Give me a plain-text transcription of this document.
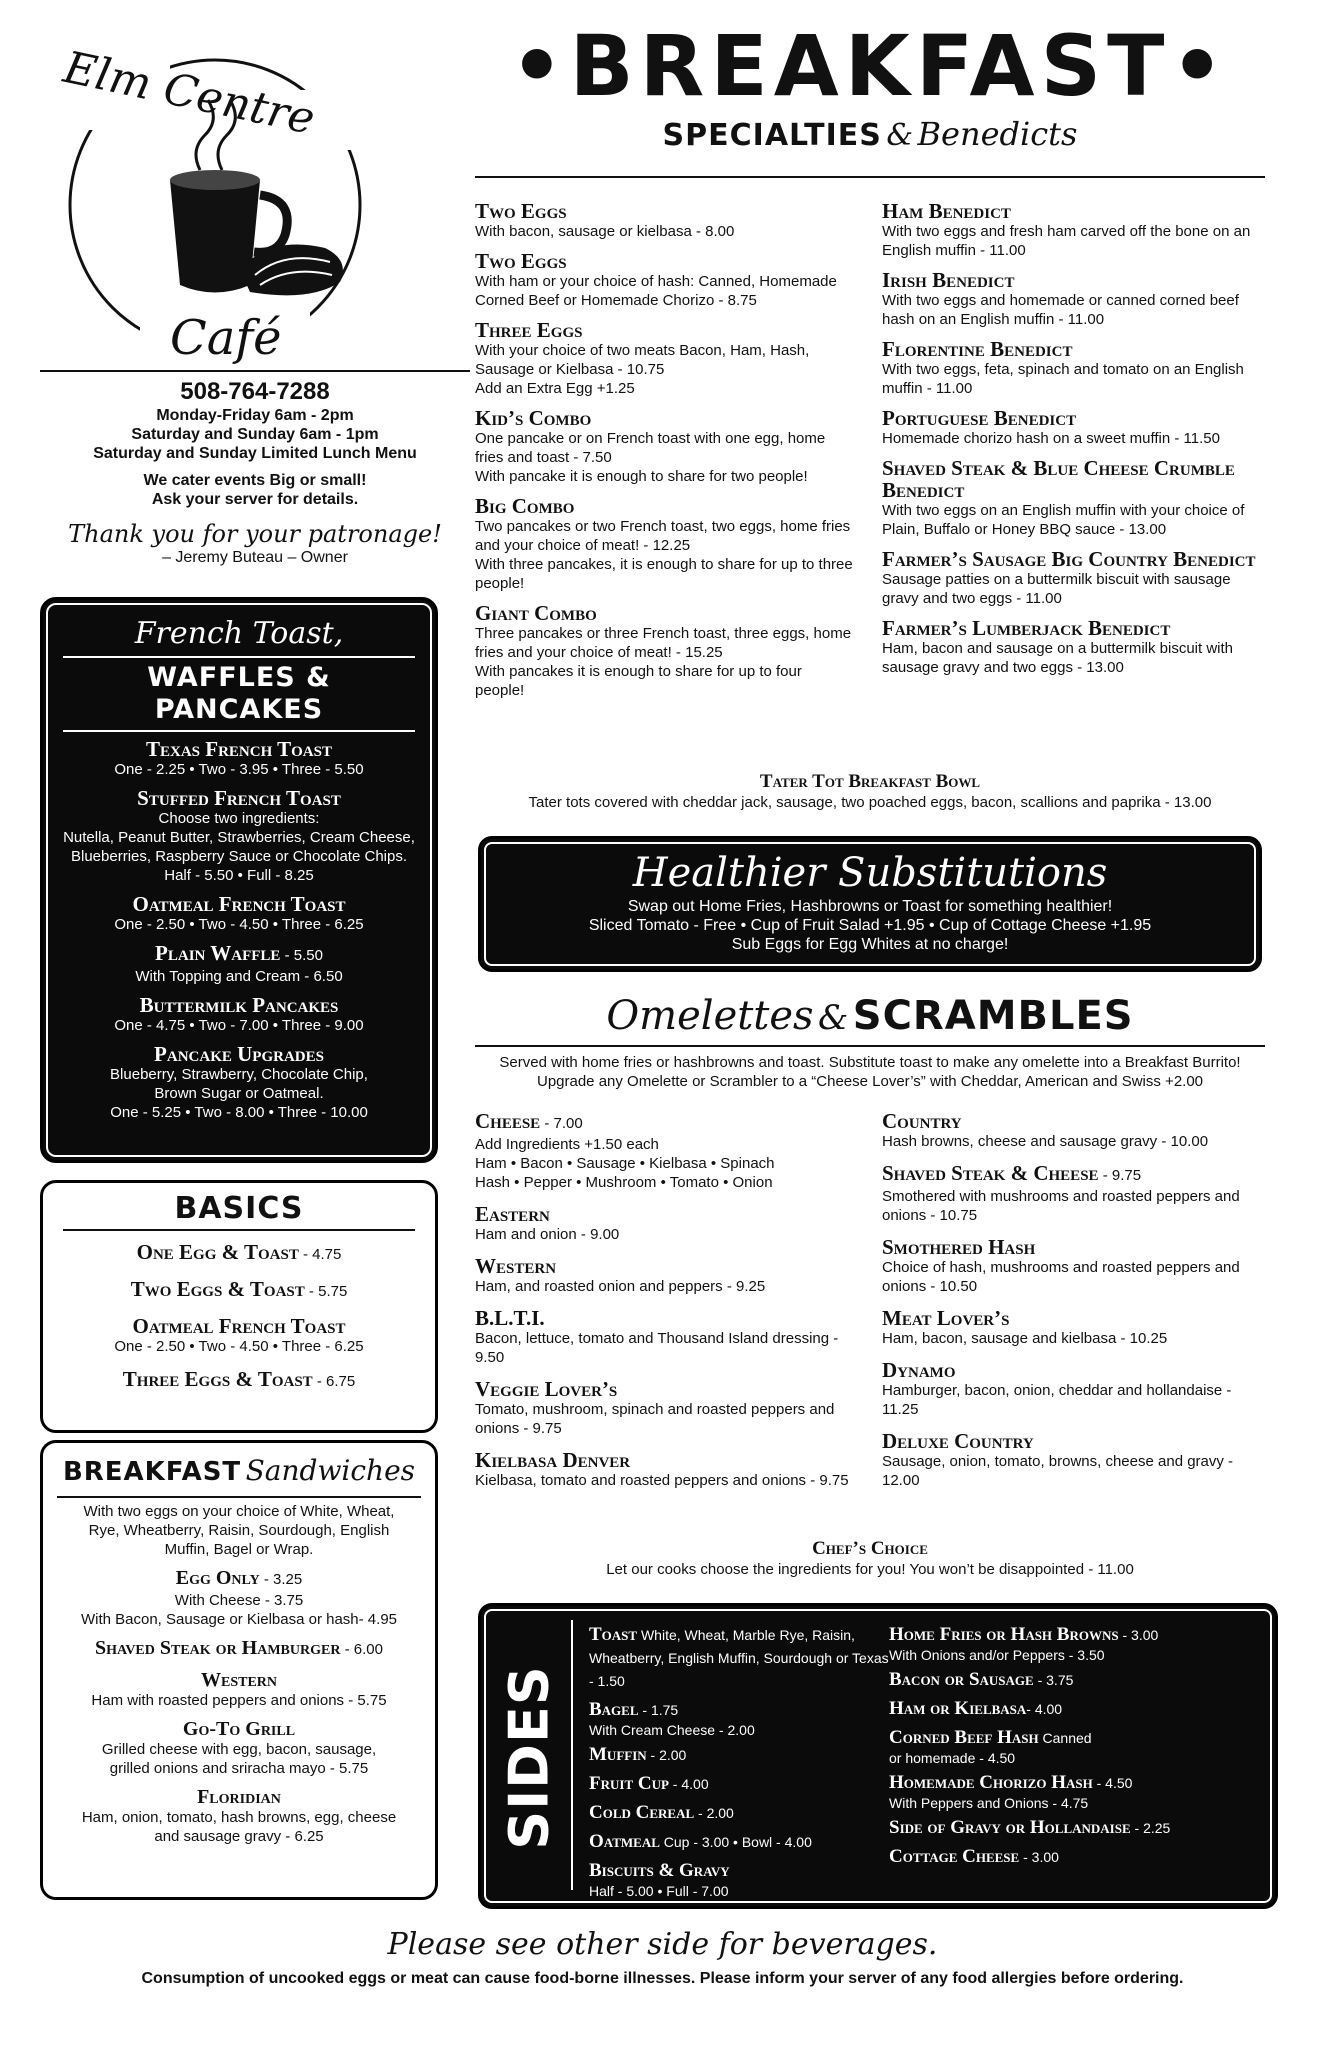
Elm Centre
Café
508-764-7288
Monday-Friday 6am - 2pm
Saturday and Sunday 6am - 1pm
Saturday and Sunday Limited Lunch Menu
We cater events Big or small!
Ask your server for details.
Thank you for your patronage!
– Jeremy Buteau – Owner
•BREAKFAST•
SPECIALTIES & Benedicts
Two Eggs
With bacon, sausage or kielbasa - 8.00
Two Eggs
With ham or your choice of hash: Canned, Homemade Corned Beef or Homemade Chorizo - 8.75
Three Eggs
With your choice of two meats Bacon, Ham, Hash, Sausage or Kielbasa - 10.75
Add an Extra Egg +1.25
Kid’s Combo
One pancake or on French toast with one egg, home fries and toast - 7.50
With pancake it is enough to share for two people!
Big Combo
Two pancakes or two French toast, two eggs, home fries and your choice of meat! - 12.25
With three pancakes, it is enough to share for up to three people!
Giant Combo
Three pancakes or three French toast, three eggs, home fries and your choice of meat! - 15.25
With pancakes it is enough to share for up to four people!
Ham Benedict
With two eggs and fresh ham carved off the bone on an English muffin - 11.00
Irish Benedict
With two eggs and homemade or canned corned beef hash on an English muffin - 11.00
Florentine Benedict
With two eggs, feta, spinach and tomato on an English muffin - 11.00
Portuguese Benedict
Homemade chorizo hash on a sweet muffin - 11.50
Shaved Steak & Blue Cheese Crumble Benedict
With two eggs on an English muffin with your choice of Plain, Buffalo or Honey BBQ sauce - 13.00
Farmer’s Sausage Big Country Benedict
Sausage patties on a buttermilk biscuit with sausage gravy and two eggs - 11.00
Farmer’s Lumberjack Benedict
Ham, bacon and sausage on a buttermilk biscuit with sausage gravy and two eggs - 13.00
Tater Tot Breakfast Bowl
Tater tots covered with cheddar jack, sausage, two poached eggs, bacon, scallions and paprika - 13.00
Healthier Substitutions
Swap out Home Fries, Hashbrowns or Toast for something healthier!
Sliced Tomato - Free • Cup of Fruit Salad +1.95 • Cup of Cottage Cheese +1.95
Sub Eggs for Egg Whites at no charge!
Omelettes & SCRAMBLES
Served with home fries or hashbrowns and toast. Substitute toast to make any omelette into a Breakfast Burrito!
Upgrade any Omelette or Scrambler to a “Cheese Lover’s” with Cheddar, American and Swiss +2.00
Cheese - 7.00
Add Ingredients +1.50 each
Ham • Bacon • Sausage • Kielbasa • Spinach
Hash • Pepper • Mushroom • Tomato • Onion
Eastern
Ham and onion - 9.00
Western
Ham, and roasted onion and peppers - 9.25
B.L.T.I.
Bacon, lettuce, tomato and Thousand Island dressing - 9.50
Veggie Lover’s
Tomato, mushroom, spinach and roasted peppers and onions - 9.75
Kielbasa Denver
Kielbasa, tomato and roasted peppers and onions - 9.75
Country
Hash browns, cheese and sausage gravy - 10.00
Shaved Steak & Cheese - 9.75
Smothered with mushrooms and roasted peppers and onions - 10.75
Smothered Hash
Choice of hash, mushrooms and roasted peppers and onions - 10.50
Meat Lover’s
Ham, bacon, sausage and kielbasa - 10.25
Dynamo
Hamburger, bacon, onion, cheddar and hollandaise - 11.25
Deluxe Country
Sausage, onion, tomato, browns, cheese and gravy - 12.00
Chef’s Choice
Let our cooks choose the ingredients for you! You won’t be disappointed - 11.00
SIDES
Toast White, Wheat, Marble Rye, Raisin, Wheatberry, English Muffin, Sourdough or Texas - 1.50
Bagel - 1.75
With Cream Cheese - 2.00
Muffin - 2.00
Fruit Cup - 4.00
Cold Cereal - 2.00
Oatmeal Cup - 3.00 • Bowl - 4.00
Biscuits & Gravy
Half - 5.00 • Full - 7.00
Home Fries or Hash Browns - 3.00
With Onions and/or Peppers - 3.50
Bacon or Sausage - 3.75
Ham or Kielbasa- 4.00
Corned Beef Hash Canned
or homemade - 4.50
Homemade Chorizo Hash - 4.50
With Peppers and Onions - 4.75
Side of Gravy or Hollandaise - 2.25
Cottage Cheese - 3.00
French Toast,
WAFFLES & PANCAKES
Texas French Toast
One - 2.25 • Two - 3.95 • Three - 5.50
Stuffed French Toast
Choose two ingredients:
Nutella, Peanut Butter, Strawberries, Cream Cheese,
Blueberries, Raspberry Sauce or Chocolate Chips.
Half - 5.50 • Full - 8.25
Oatmeal French Toast
One - 2.50 • Two - 4.50 • Three - 6.25
Plain Waffle - 5.50
With Topping and Cream - 6.50
Buttermilk Pancakes
One - 4.75 • Two - 7.00 • Three - 9.00
Pancake Upgrades
Blueberry, Strawberry, Chocolate Chip,
Brown Sugar or Oatmeal.
One - 5.25 • Two - 8.00 • Three - 10.00
BASICS
One Egg & Toast - 4.75
Two Eggs & Toast - 5.75
Oatmeal French Toast
One - 2.50 • Two - 4.50 • Three - 6.25
Three Eggs & Toast - 6.75
BREAKFAST Sandwiches
With two eggs on your choice of White, Wheat, Rye, Wheatberry, Raisin, Sourdough, English Muffin, Bagel or Wrap.
Egg Only - 3.25
With Cheese - 3.75
With Bacon, Sausage or Kielbasa or hash- 4.95
Shaved Steak or Hamburger - 6.00
Western
Ham with roasted peppers and onions - 5.75
Go-To Grill
Grilled cheese with egg, bacon, sausage,
grilled onions and sriracha mayo - 5.75
Floridian
Ham, onion, tomato, hash browns, egg, cheese
and sausage gravy - 6.25
Please see other side for beverages.
Consumption of uncooked eggs or meat can cause food-borne illnesses. Please inform your server of any food allergies before ordering.
